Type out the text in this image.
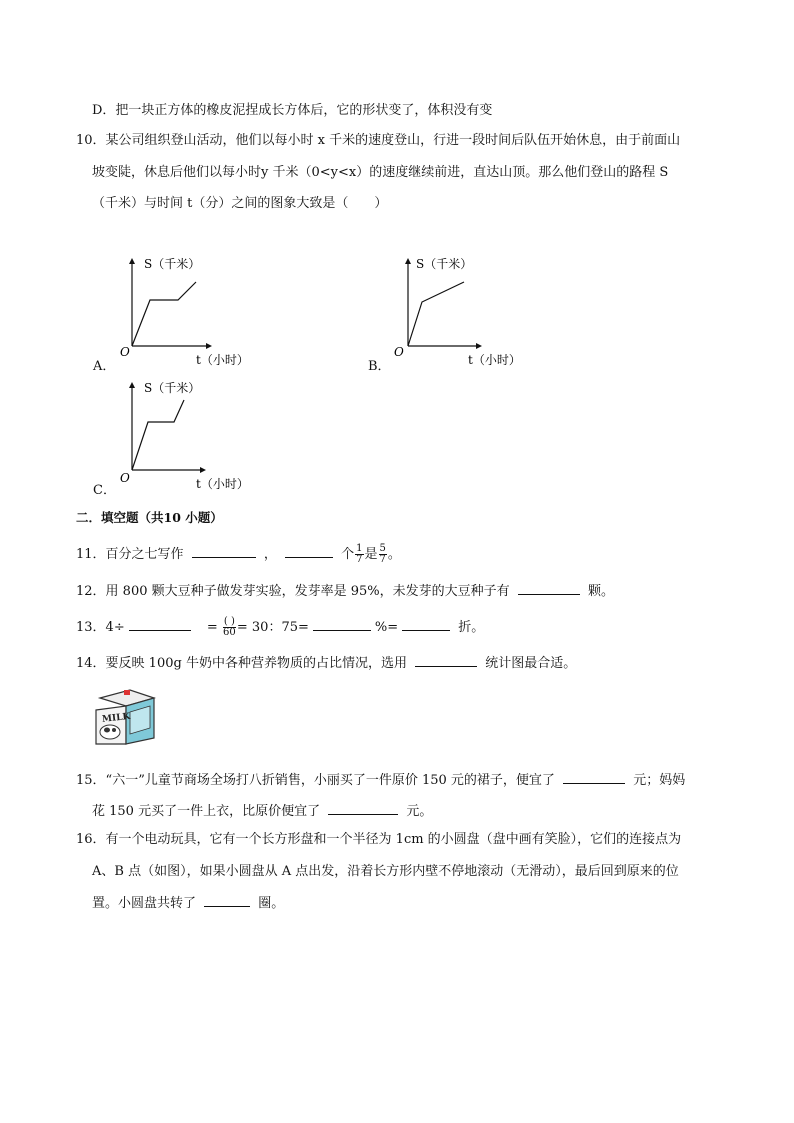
D．把一块正方体的橡皮泥捏成长方体后，它的形状变了，体积没有变
10．某公司组织登山活动，他们以每小时 x 千米的速度登山，行进一段时间后队伍开始休息，由于前面山
坡变陡，休息后他们以每小时y 千米（0<y<x）的速度继续前进，直达山顶。那么他们登山的路程 S
（千米）与时间 t（分）之间的图象大致是（　　）
A．
O
S（千米）
t（小时）	B．
O
S（千米）
t（小时）
C．
O
S（千米）
t（小时）
二．填空题（共10 小题）
11．百分之七写作	，	个 $\frac{1}{7}$ 是 $\frac{5}{7}$ 。
12．用 800 颗大豆种子做发芽实验，发芽率是 95%，未发芽的大豆种子有	颗。
13．4÷	= $\frac{( )}{60} = 30$：75=	%=	折。
14．要反映 100g 牛奶中各种营养物质的占比情况，选用	统计图最合适。
MILK
15．“六一”儿童节商场全场打八折销售，小丽买了一件原价 150 元的裙子，便宜了	元；妈妈
花 150 元买了一件上衣，比原价便宜了	元。
16．有一个电动玩具，它有一个长方形盘和一个半径为 1cm 的小圆盘（盘中画有笑脸），它们的连接点为
A、B 点（如图），如果小圆盘从 A 点出发，沿着长方形内壁不停地滚动（无滑动），最后回到原来的位
置。小圆盘共转了	圈。
